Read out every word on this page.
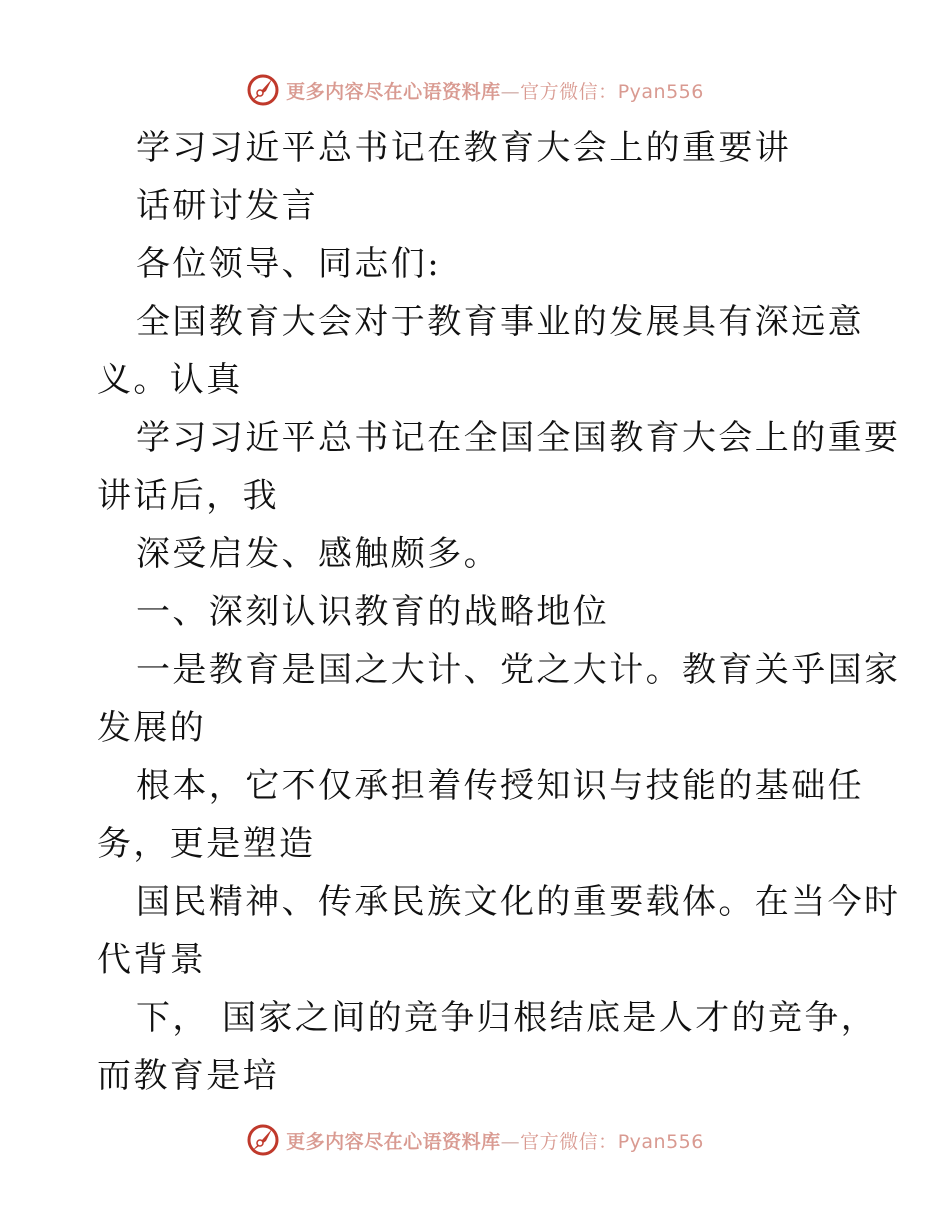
更多内容尽在心语资料库—官方微信：Pyan556
学习习近平总书记在教育大会上的重要讲
话研讨发言
各位领导、同志们:
全国教育大会对于教育事业的发展具有深远意
义。认真
学习习近平总书记在全国全国教育大会上的重要
讲话后，我
深受启发、感触颇多。
一、深刻认识教育的战略地位
一是教育是国之大计、党之大计。教育关乎国家
发展的
根本，它不仅承担着传授知识与技能的基础任
务，更是塑造
国民精神、传承民族文化的重要载体。在当今时
代背景
下， 国家之间的竞争归根结底是人才的竞争，
而教育是培
更多内容尽在心语资料库—官方微信：Pyan556
